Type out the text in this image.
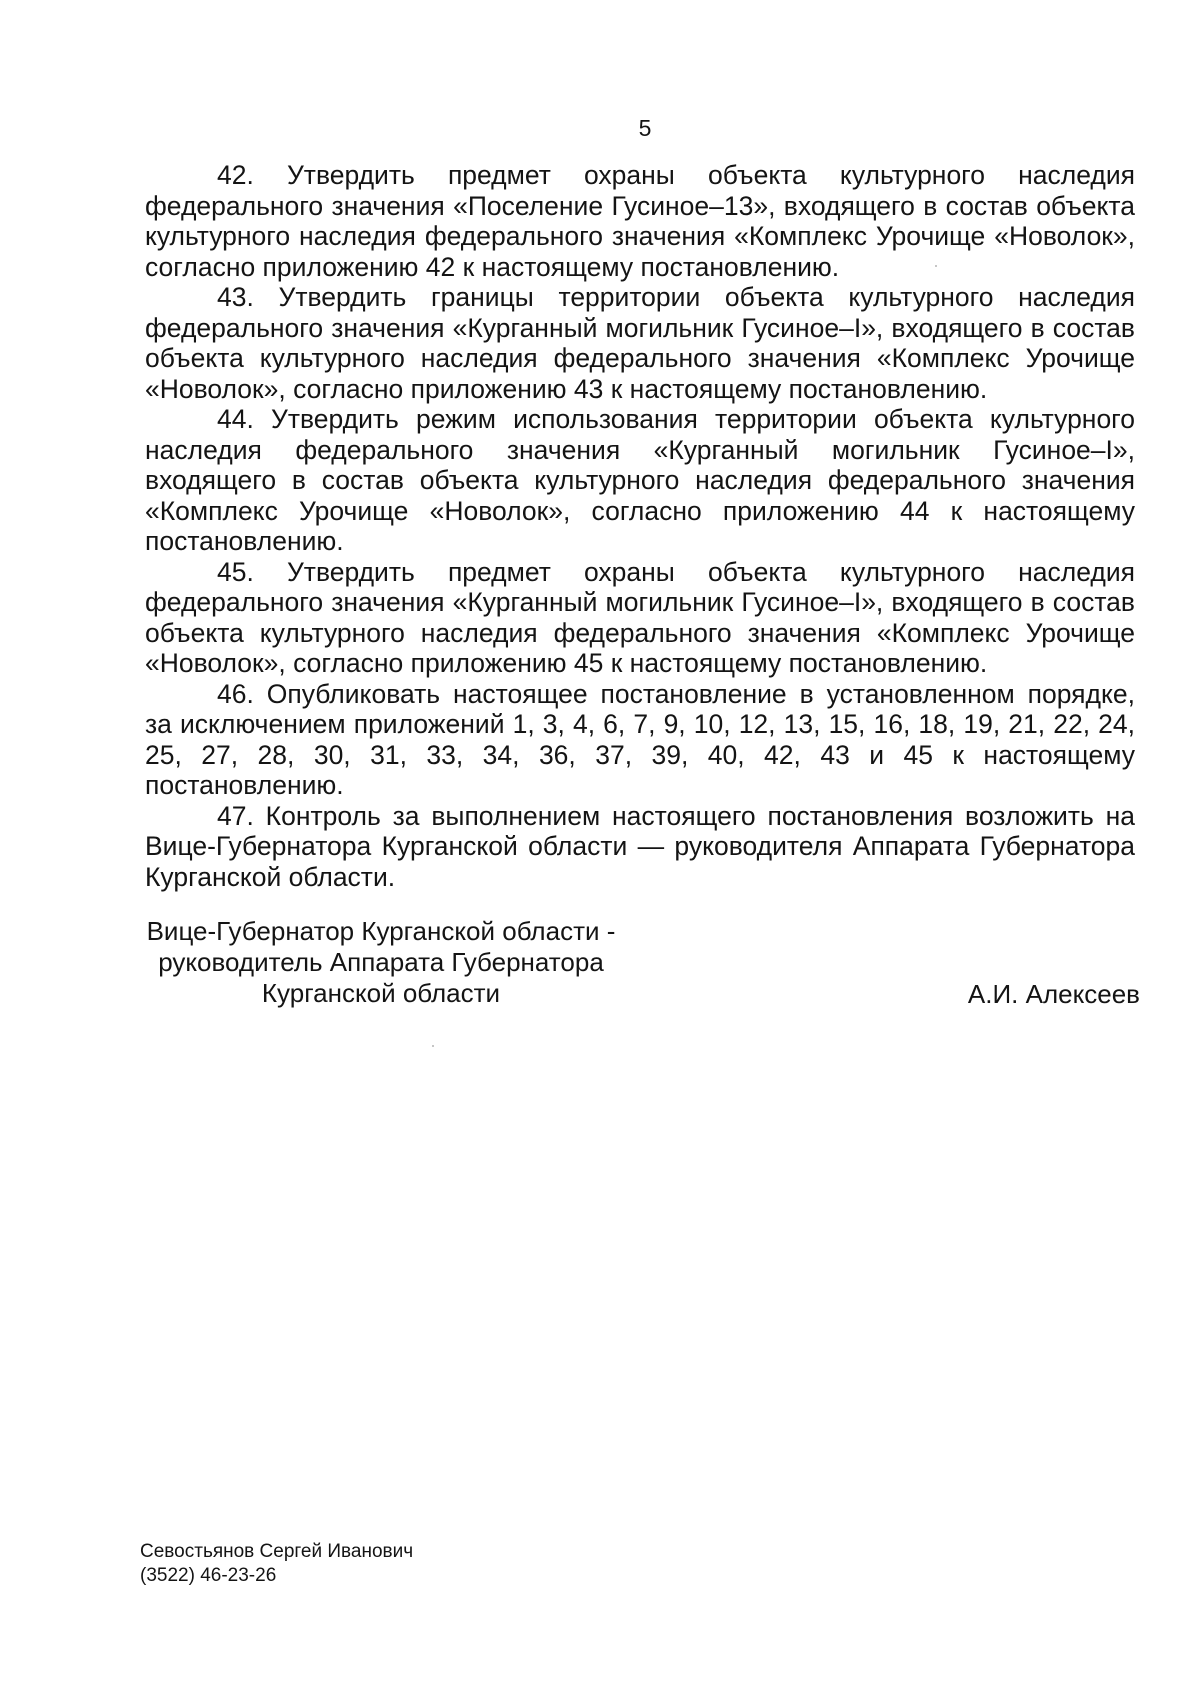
5

42. Утвердить предмет охраны объекта культурного наследия федерального значения «Поселение Гусиное–13», входящего в состав объекта культурного наследия федерального значения «Комплекс Урочище «Новолок», согласно приложению 42 к настоящему постановлению.

43. Утвердить границы территории объекта культурного наследия федерального значения «Курганный могильник Гусиное–I», входящего в состав объекта культурного наследия федерального значения «Комплекс Урочище «Новолок», согласно приложению 43 к настоящему постановлению.

44. Утвердить режим использования территории объекта культурного наследия федерального значения «Курганный могильник Гусиное–I», входящего в состав объекта культурного наследия федерального значения «Комплекс Урочище «Новолок», согласно приложению 44 к настоящему постановлению.

45. Утвердить предмет охраны объекта культурного наследия федерального значения «Курганный могильник Гусиное–I», входящего в состав объекта культурного наследия федерального значения «Комплекс Урочище «Новолок», согласно приложению 45 к настоящему постановлению.

46. Опубликовать настоящее постановление в установленном порядке, за исключением приложений 1, 3, 4, 6, 7, 9, 10, 12, 13, 15, 16, 18, 19, 21, 22, 24, 25, 27, 28, 30, 31, 33, 34, 36, 37, 39, 40, 42, 43 и 45 к настоящему постановлению.

47. Контроль за выполнением настоящего постановления возложить на Вице-Губернатора Курганской области — руководителя Аппарата Губернатора Курганской области.

Вице-Губернатор Курганской области -
руководитель Аппарата Губернатора
Курганской области	А.И. Алексеев
Севостьянов Сергей Иванович
(3522) 46-23-26
